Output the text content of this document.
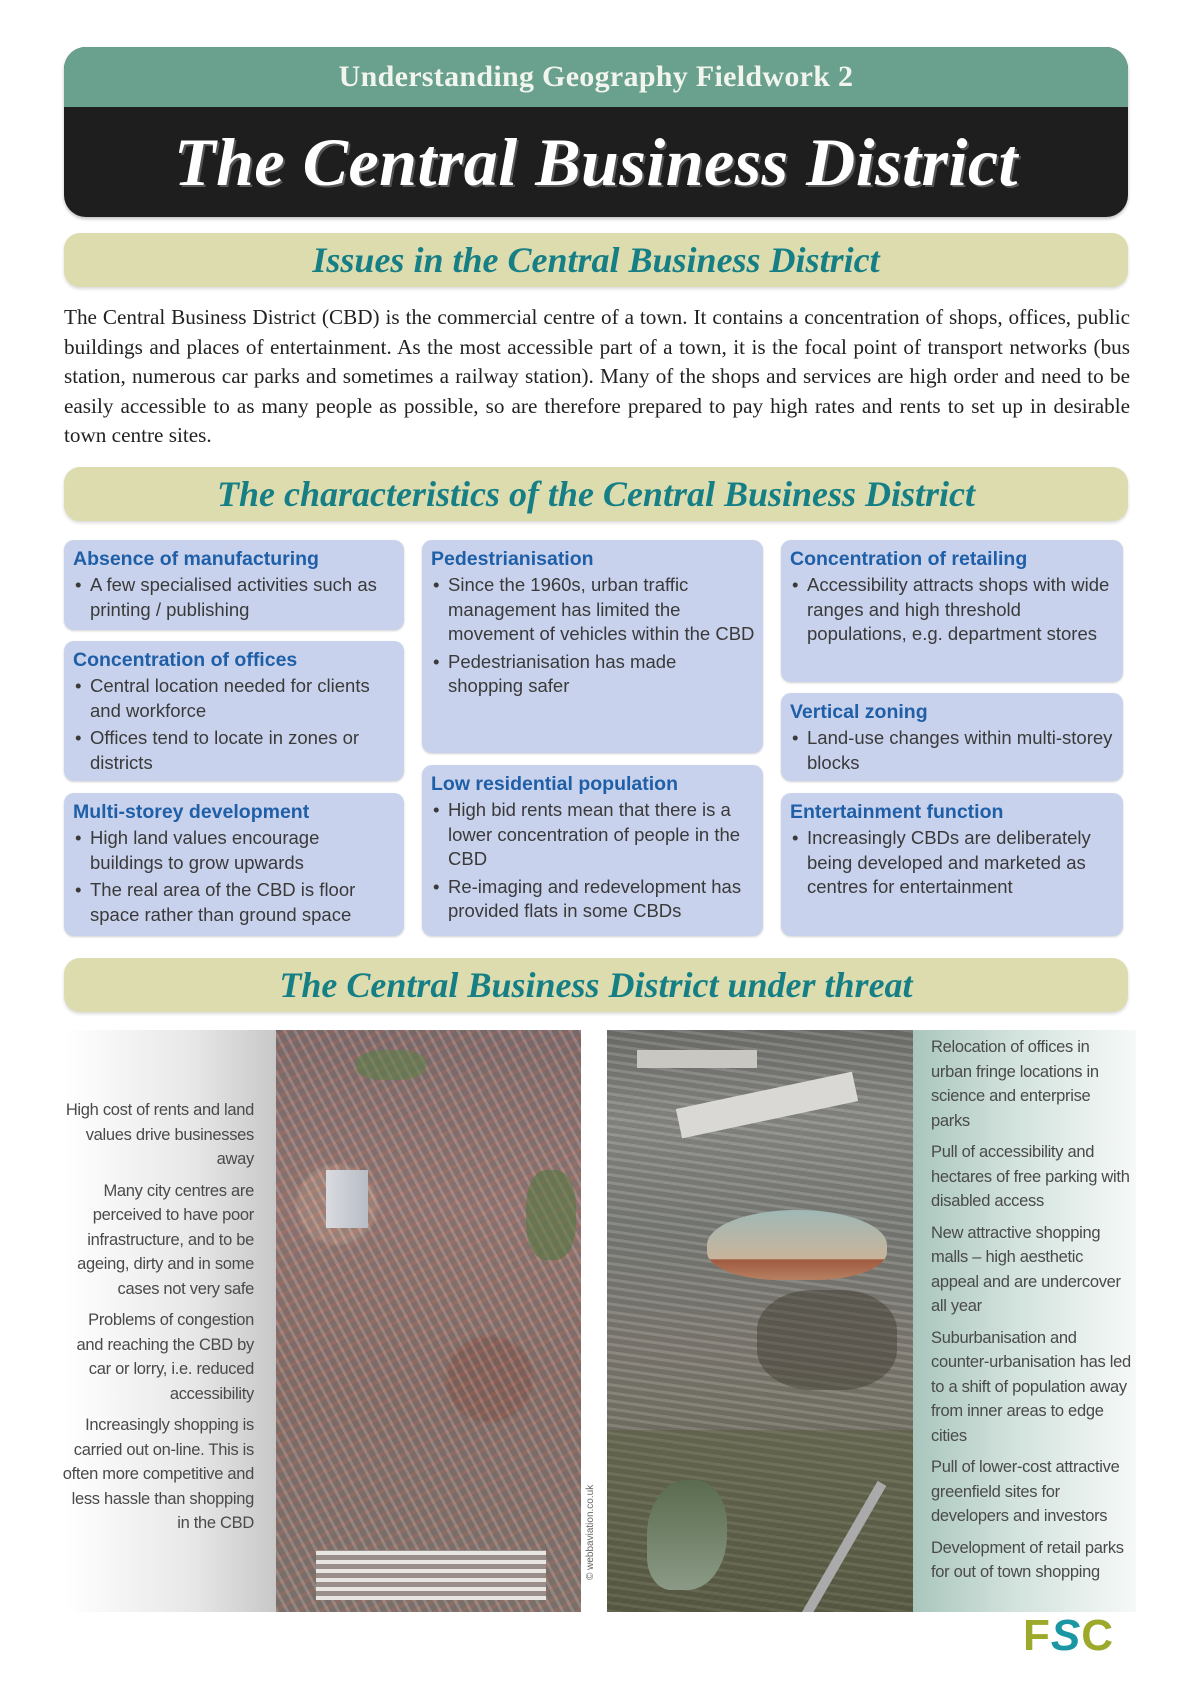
Understanding Geography Fieldwork 2
The Central Business District
Issues in the Central Business District

The Central Business District (CBD) is the commercial centre of a town. It contains a concentration of shops, offices, public buildings and places of entertainment. As the most accessible part of a town, it is the focal point of transport networks (bus station, numerous car parks and sometimes a railway station). Many of the shops and services are high order and need to be easily accessible to as many people as possible, so are therefore prepared to pay high rates and rents to set up in desirable town centre sites.

The characteristics of the Central Business District
Absence of manufacturing
• A few specialised activities such as printing / publishing
Concentration of offices
• Central location needed for clients and workforce
• Offices tend to locate in zones or districts
Multi-storey development
• High land values encourage buildings to grow upwards
• The real area of the CBD is floor space rather than ground space
Pedestrianisation
• Since the 1960s, urban traffic management has limited the movement of vehicles within the CBD
• Pedestrianisation has made shopping safer
Low residential population
• High bid rents mean that there is a lower concentration of people in the CBD
• Re-imaging and redevelopment has provided flats in some CBDs
Concentration of retailing
• Accessibility attracts shops with wide ranges and high threshold populations, e.g. department stores
Vertical zoning
• Land-use changes within multi-storey blocks
Entertainment function
• Increasingly CBDs are deliberately being developed and marketed as centres for entertainment
The Central Business District under threat

High cost of rents and land values drive businesses away

Many city centres are perceived to have poor infrastructure, and to be ageing, dirty and in some cases not very safe

Problems of congestion and reaching the CBD by car or lorry, i.e. reduced accessibility

Increasingly shopping is carried out on-line. This is often more competitive and less hassle than shopping in the CBD	© webbaviation.co.uk

Relocation of offices in urban fringe locations in science and enterprise parks

Pull of accessibility and hectares of free parking with disabled access

New attractive shopping malls – high aesthetic appeal and are undercover all year

Suburbanisation and counter-urbanisation has led to a shift of population away from inner areas to edge cities

Pull of lower-cost attractive greenfield sites for developers and investors

Development of retail parks for out of town shopping

F S C
